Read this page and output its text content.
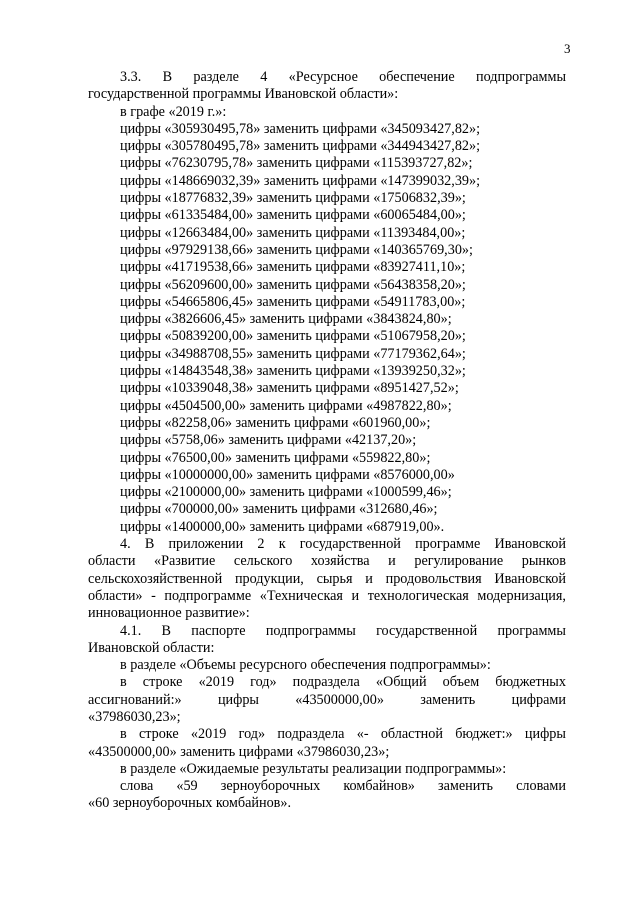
3
3.3. В разделе 4 «Ресурсное обеспечение подпрограммы
государственной программы Ивановской области»:
в графе «2019 г.»:
цифры «305930495,78» заменить цифрами «345093427,82»;
цифры «305780495,78» заменить цифрами «344943427,82»;
цифры «76230795,78» заменить цифрами «115393727,82»;
цифры «148669032,39» заменить цифрами «147399032,39»;
цифры «18776832,39» заменить цифрами «17506832,39»;
цифры «61335484,00» заменить цифрами «60065484,00»;
цифры «12663484,00» заменить цифрами «11393484,00»;
цифры «97929138,66» заменить цифрами «140365769,30»;
цифры «41719538,66» заменить цифрами «83927411,10»;
цифры «56209600,00» заменить цифрами «56438358,20»;
цифры «54665806,45» заменить цифрами «54911783,00»;
цифры «3826606,45» заменить цифрами «3843824,80»;
цифры «50839200,00» заменить цифрами «51067958,20»;
цифры «34988708,55» заменить цифрами «77179362,64»;
цифры «14843548,38» заменить цифрами «13939250,32»;
цифры «10339048,38» заменить цифрами «8951427,52»;
цифры «4504500,00» заменить цифрами «4987822,80»;
цифры «82258,06» заменить цифрами «601960,00»;
цифры «5758,06» заменить цифрами «42137,20»;
цифры «76500,00» заменить цифрами «559822,80»;
цифры «10000000,00» заменить цифрами «8576000,00»
цифры «2100000,00» заменить цифрами «1000599,46»;
цифры «700000,00» заменить цифрами «312680,46»;
цифры «1400000,00» заменить цифрами «687919,00».
4. В приложении 2 к государственной программе Ивановской
области «Развитие сельского хозяйства и регулирование рынков
сельскохозяйственной продукции, сырья и продовольствия Ивановской
области» - подпрограмме «Техническая и технологическая модернизация,
инновационное развитие»:
4.1. В паспорте подпрограммы государственной программы
Ивановской области:
в разделе «Объемы ресурсного обеспечения подпрограммы»:
в строке «2019 год» подраздела «Общий объем бюджетных
ассигнований:»	цифры	«43500000,00»	заменить	цифрами
«37986030,23»;
в строке «2019 год» подраздела «- областной бюджет:» цифры
«43500000,00» заменить цифрами «37986030,23»;
в разделе «Ожидаемые результаты реализации подпрограммы»:
слова «59 зерноуборочных комбайнов» заменить словами
«60 зерноуборочных комбайнов».
